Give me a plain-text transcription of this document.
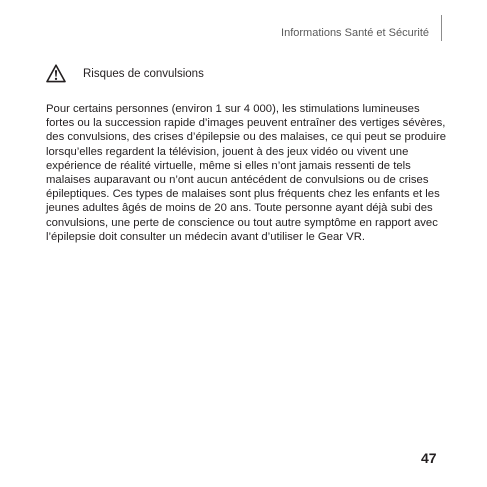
Informations Santé et Sécurité
Risques de convulsions

Pour certains personnes (environ 1 sur 4 000), les stimulations lumineuses fortes ou la succession rapide d’images peuvent entraîner des vertiges sévères, des convulsions, des crises d’épilepsie ou des malaises, ce qui peut se produire lorsqu’elles regardent la télévision, jouent à des jeux vidéo ou vivent une expérience de réalité virtuelle, même si elles n’ont jamais ressenti de tels malaises auparavant ou n’ont aucun antécédent de convulsions ou de crises épileptiques. Ces types de malaises sont plus fréquents chez les enfants et les jeunes adultes âgés de moins de 20 ans. Toute personne ayant déjà subi des convulsions, une perte de conscience ou tout autre symptôme en rapport avec l’épilepsie doit consulter un médecin avant d’utiliser le Gear VR.

47
